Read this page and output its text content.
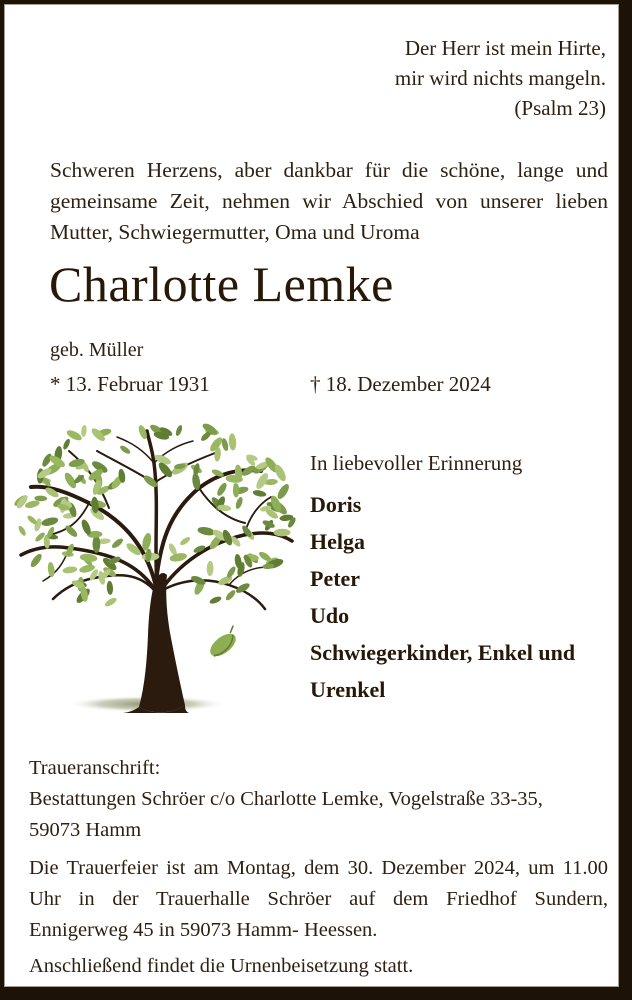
Der Herr ist mein Hirte,
mir wird nichts mangeln.
(Psalm 23)

Schweren Herzens, aber dankbar für die schöne, lange und gemeinsame Zeit, nehmen wir Abschied von unserer lieben Mutter, Schwiegermutter, Oma und Uroma

Charlotte Lemke
geb. Müller
* 13. Februar 1931	† 18. Dezember 2024
In liebevoller Erinnerung
Doris
Helga
Peter
Udo
Schwiegerkinder, Enkel und Urenkel
Traueranschrift:
Bestattungen Schröer c/o Charlotte Lemke, Vogelstraße 33-35,
59073 Hamm

Die Trauerfeier ist am Montag, dem 30. Dezember 2024, um 11.00 Uhr in der Trauerhalle Schröer auf dem Friedhof Sundern, Ennigerweg 45 in 59073 Hamm- Heessen.

Anschließend findet die Urnenbeisetzung statt.
